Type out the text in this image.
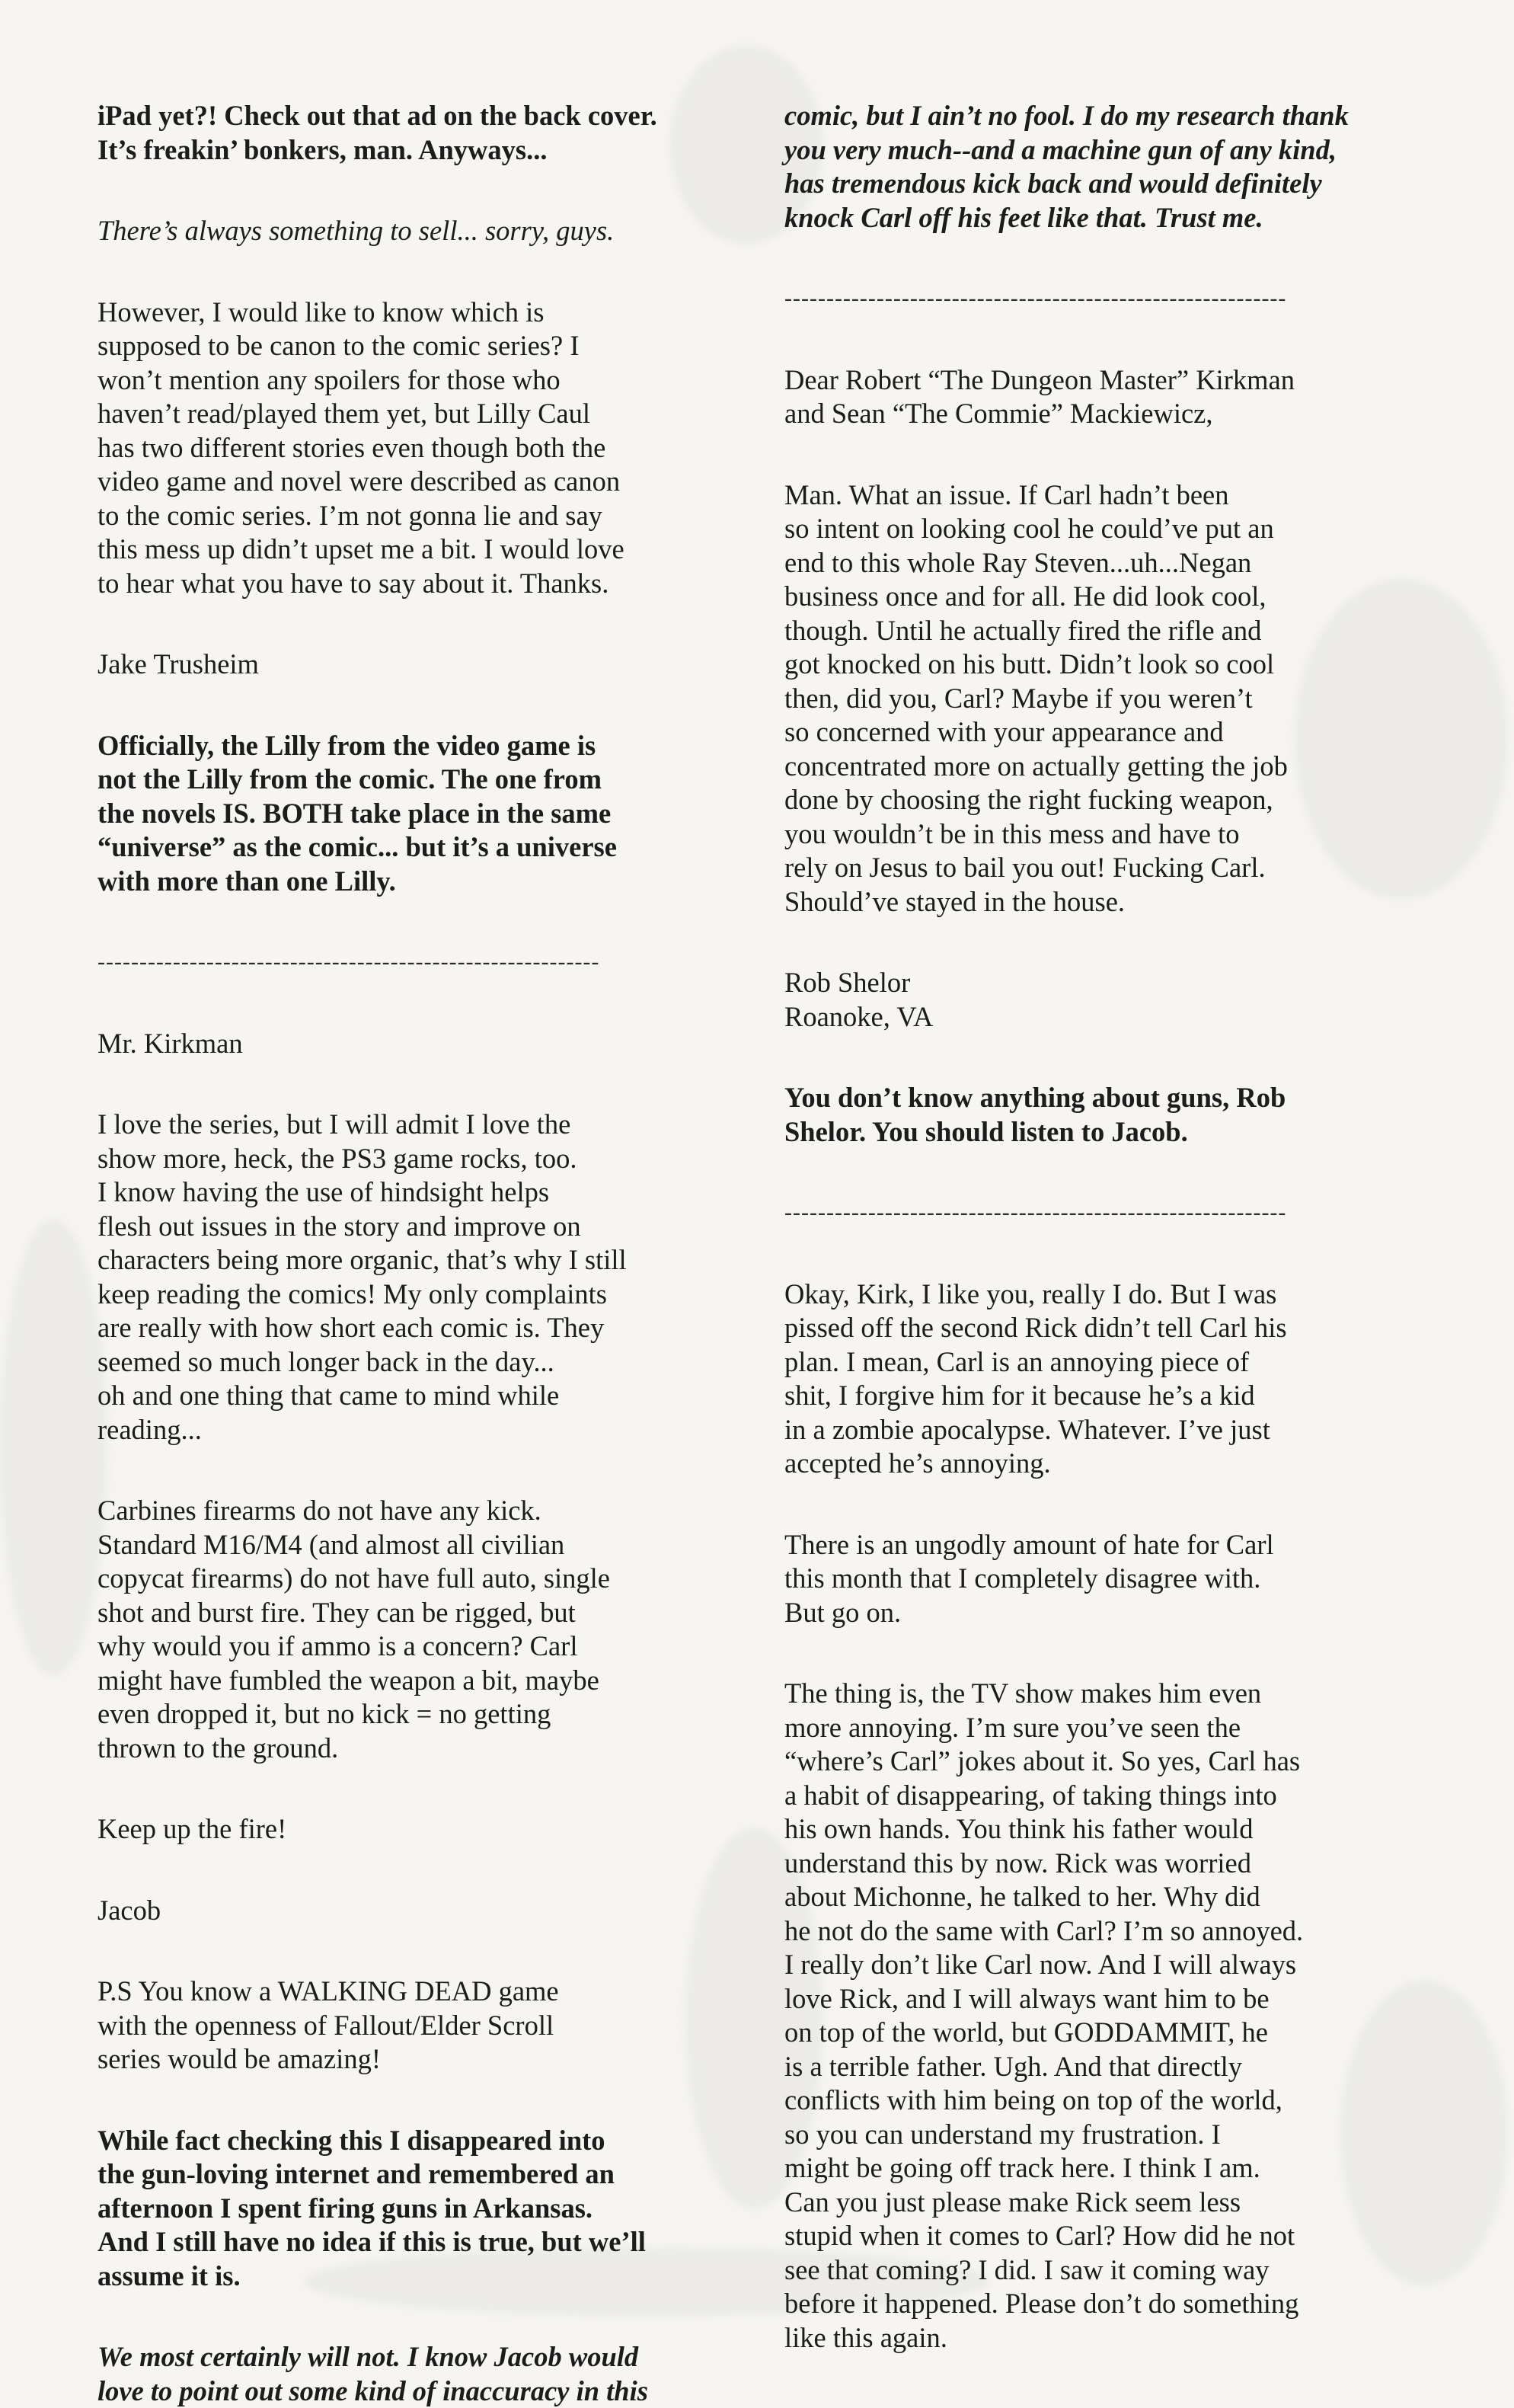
iPad yet?! Check out that ad on the back cover.
It’s freakin’ bonkers, man. Anyways...

There’s always something to sell... sorry, guys.

However, I would like to know which is
supposed to be canon to the comic series? I
won’t mention any spoilers for those who
haven’t read/played them yet, but Lilly Caul
has two different stories even though both the
video game and novel were described as canon
to the comic series. I’m not gonna lie and say
this mess up didn’t upset me a bit. I would love
to hear what you have to say about it. Thanks.

Jake Trusheim

Officially, the Lilly from the video game is
not the Lilly from the comic. The one from
the novels IS. BOTH take place in the same
“universe” as the comic... but it’s a universe
with more than one Lilly.

------------------------------------------------------------

Mr. Kirkman

I love the series, but I will admit I love the
show more, heck, the PS3 game rocks, too.
I know having the use of hindsight helps
flesh out issues in the story and improve on
characters being more organic, that’s why I still
keep reading the comics! My only complaints
are really with how short each comic is. They
seemed so much longer back in the day...
oh and one thing that came to mind while
reading...

Carbines firearms do not have any kick.
Standard M16/M4 (and almost all civilian
copycat firearms) do not have full auto, single
shot and burst fire. They can be rigged, but
why would you if ammo is a concern? Carl
might have fumbled the weapon a bit, maybe
even dropped it, but no kick = no getting
thrown to the ground.

Keep up the fire!

Jacob

P.S You know a WALKING DEAD game
with the openness of Fallout/Elder Scroll
series would be amazing!

While fact checking this I disappeared into
the gun-loving internet and remembered an
afternoon I spent firing guns in Arkansas.
And I still have no idea if this is true, but we’ll
assume it is.

We most certainly will not. I know Jacob would
love to point out some kind of inaccuracy in this

comic, but I ain’t no fool. I do my research thank
you very much--and a machine gun of any kind,
has tremendous kick back and would definitely
knock Carl off his feet like that. Trust me.

------------------------------------------------------------

Dear Robert “The Dungeon Master” Kirkman
and Sean “The Commie” Mackiewicz,

Man. What an issue. If Carl hadn’t been
so intent on looking cool he could’ve put an
end to this whole Ray Steven...uh...Negan
business once and for all. He did look cool,
though. Until he actually fired the rifle and
got knocked on his butt. Didn’t look so cool
then, did you, Carl? Maybe if you weren’t
so concerned with your appearance and
concentrated more on actually getting the job
done by choosing the right fucking weapon,
you wouldn’t be in this mess and have to
rely on Jesus to bail you out! Fucking Carl.
Should’ve stayed in the house.

Rob Shelor
Roanoke, VA

You don’t know anything about guns, Rob
Shelor. You should listen to Jacob.

------------------------------------------------------------

Okay, Kirk, I like you, really I do. But I was
pissed off the second Rick didn’t tell Carl his
plan. I mean, Carl is an annoying piece of
shit, I forgive him for it because he’s a kid
in a zombie apocalypse. Whatever. I’ve just
accepted he’s annoying.

There is an ungodly amount of hate for Carl
this month that I completely disagree with.
But go on.

The thing is, the TV show makes him even
more annoying. I’m sure you’ve seen the
“where’s Carl” jokes about it. So yes, Carl has
a habit of disappearing, of taking things into
his own hands. You think his father would
understand this by now. Rick was worried
about Michonne, he talked to her. Why did
he not do the same with Carl? I’m so annoyed.
I really don’t like Carl now. And I will always
love Rick, and I will always want him to be
on top of the world, but GODDAMMIT, he
is a terrible father. Ugh. And that directly
conflicts with him being on top of the world,
so you can understand my frustration. I
might be going off track here. I think I am.
Can you just please make Rick seem less
stupid when it comes to Carl? How did he not
see that coming? I did. I saw it coming way
before it happened. Please don’t do something
like this again.
